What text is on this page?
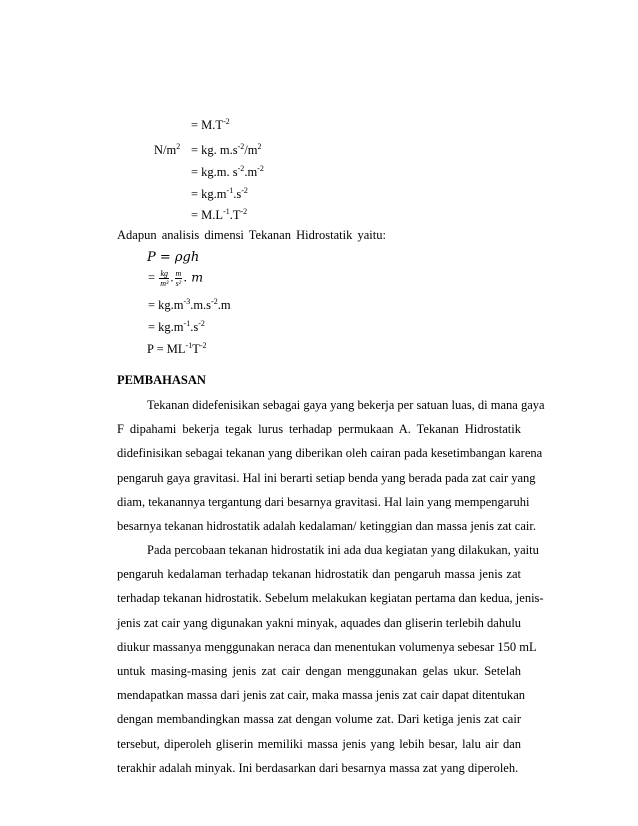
= $M.T^{-2}$
$N/m^2$ = kg. $m.s^{-2}/m^2$
= kg.m. $s^{-2}.m^{-2}$
= $kg.m^{-1}.s^{-2}$
= $M.L^{-1}.T^{-2}$
Adapun analisis dimensi Tekanan Hidrostatik yaitu:
P = ρgh
= $\frac{kg}{\text{m³}}$ . $\frac{m}{\text{s²}}$ . m
= $kg.m^{-3}.m.s^{-2}.m$
= $kg.m^{-1}.s^{-2}$
$P = ML^{-1}T^{-2}$
PEMBAHASAN
Tekanan didefenisikan sebagai gaya yang bekerja per satuan luas, di mana gaya
F dipahami bekerja tegak lurus terhadap permukaan A. Tekanan Hidrostatik
didefinisikan sebagai tekanan yang diberikan oleh cairan pada kesetimbangan karena
pengaruh gaya gravitasi. Hal ini berarti setiap benda yang berada pada zat cair yang
diam, tekanannya tergantung dari besarnya gravitasi. Hal lain yang mempengaruhi
besarnya tekanan hidrostatik adalah kedalaman/ ketinggian dan massa jenis zat cair.
Pada percobaan tekanan hidrostatik ini ada dua kegiatan yang dilakukan, yaitu
pengaruh kedalaman terhadap tekanan hidrostatik dan pengaruh massa jenis zat
terhadap tekanan hidrostatik. Sebelum melakukan kegiatan pertama dan kedua, jenis-
jenis zat cair yang digunakan yakni minyak, aquades dan gliserin terlebih dahulu
diukur massanya menggunakan neraca dan menentukan volumenya sebesar 150 mL
untuk masing-masing jenis zat cair dengan menggunakan gelas ukur. Setelah
mendapatkan massa dari jenis zat cair, maka massa jenis zat cair dapat ditentukan
dengan membandingkan massa zat dengan volume zat. Dari ketiga jenis zat cair
tersebut, diperoleh gliserin memiliki massa jenis yang lebih besar, lalu air dan
terakhir adalah minyak. Ini berdasarkan dari besarnya massa zat yang diperoleh.
